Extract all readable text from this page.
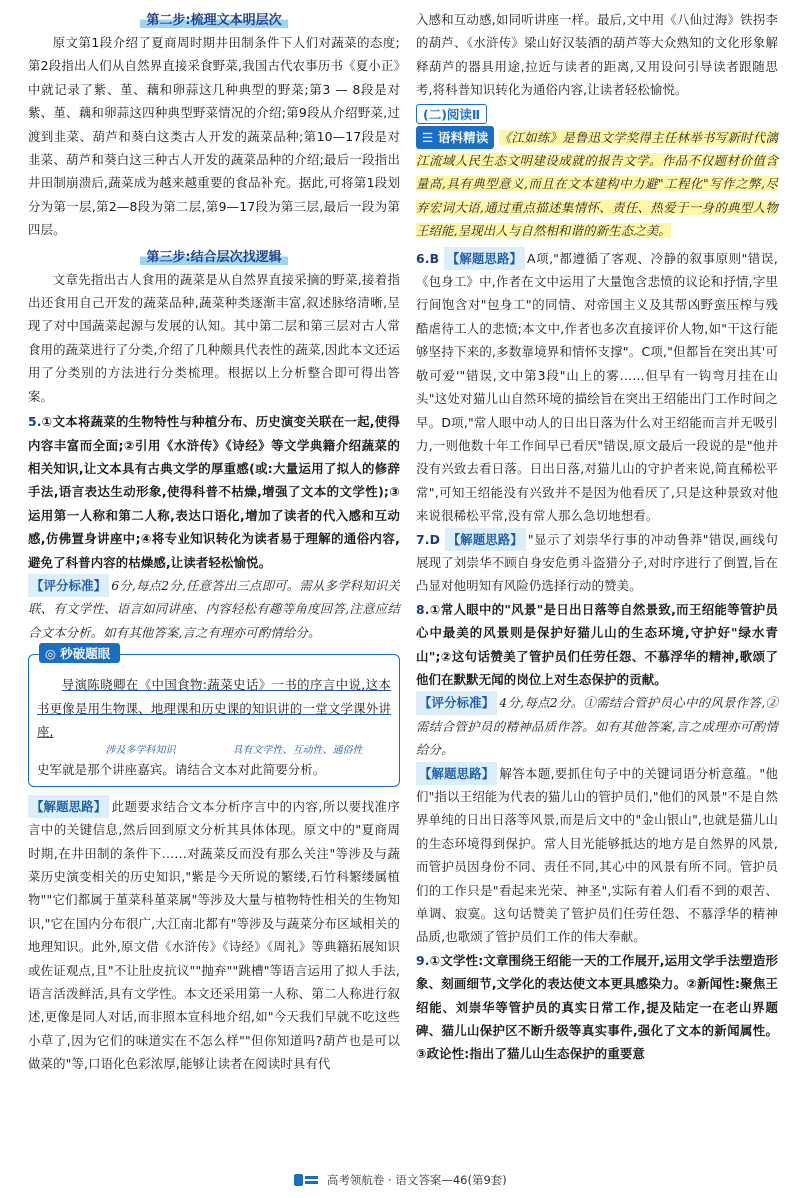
第二步:梳理文本明层次

原文第1段介绍了夏商周时期井田制条件下人们对蔬菜的态度;第2段指出人们从自然界直接采食野菜,我国古代农事历书《夏小正》中就记录了紫、堇、藕和卵蒜这几种典型的野菜;第3 — 8段是对紫、堇、藕和卵蒜这四种典型野菜情况的介绍;第9段从介绍野菜,过渡到韭菜、葫芦和葵白这类古人开发的蔬菜品种;第10—17段是对韭菜、葫芦和葵白这三种古人开发的蔬菜品种的介绍;最后一段指出井田制崩溃后,蔬菜成为越来越重要的食品补充。据此,可将第1段划分为第一层,第2—8段为第二层,第9—17段为第三层,最后一段为第四层。

第三步:结合层次找逻辑

文章先指出古人食用的蔬菜是从自然界直接采摘的野菜,接着指出还食用自己开发的蔬菜品种,蔬菜种类逐渐丰富,叙述脉络清晰,呈现了对中国蔬菜起源与发展的认知。其中第二层和第三层对古人常食用的蔬菜进行了分类,介绍了几种颇具代表性的蔬菜,因此本文还运用了分类别的方法进行分类梳理。根据以上分析整合即可得出答案。

5.①文本将蔬菜的生物特性与种植分布、历史演变关联在一起,使得内容丰富而全面;②引用《水浒传》《诗经》等文学典籍介绍蔬菜的相关知识,让文本具有古典文学的厚重感(或:大量运用了拟人的修辞手法,语言表达生动形象,使得科普不枯燥,增强了文本的文学性);③运用第一人称和第二人称,表达口语化,增加了读者的代入感和互动感,仿佛置身讲座中;④将专业知识转化为读者易于理解的通俗内容,避免了科普内容的枯燥感,让读者轻松愉悦。

【评分标准】 6分,每点2分,任意答出三点即可。需从多学科知识关联、有文学性、语言如同讲座、内容轻松有趣等角度回答,注意应结合文本分析。如有其他答案,言之有理亦可酌情给分。

◎ 秒破题眼

导演陈晓卿在《中国食物:蔬菜史话》一书的序言中说,这本书更像是用生物课、地理课和历史课的知识讲的一堂文学课外讲座,

涉及多学科知识	具有文学性、互动性、通俗性

史军就是那个讲座嘉宾。请结合文本对此简要分析。

【解题思路】 此题要求结合文本分析序言中的内容,所以要找准序言中的关键信息,然后回到原文分析其具体体现。原文中的"夏商周时期,在井田制的条件下……对蔬菜反而没有那么关注"等涉及与蔬菜历史演变相关的历史知识,"紫是今天所说的繁缕,石竹科繁缕属植物""它们都属于堇菜科堇菜属"等涉及大量与植物特性相关的生物知识,"它在国内分布很广,大江南北都有"等涉及与蔬菜分布区域相关的地理知识。此外,原文借《水浒传》《诗经》《周礼》等典籍拓展知识或佐证观点,且"不让肚皮抗议""抛弃""跳槽"等语言运用了拟人手法,语言活泼鲜活,具有文学性。本文还采用第一人称、第二人称进行叙述,更像是同人对话,而非照本宣科地介绍,如"今天我们早就不吃这些小草了,因为它们的味道实在不怎么样""但你知道吗?葫芦也是可以做菜的"等,口语化色彩浓厚,能够让读者在阅读时具有代

入感和互动感,如同听讲座一样。最后,文中用《八仙过海》铁拐李的葫芦、《水浒传》梁山好汉装酒的葫芦等大众熟知的文化形象解释葫芦的器具用途,拉近与读者的距离,又用设问引导读者跟随思考,将科普知识转化为通俗内容,让读者轻松愉悦。

(二)阅读Ⅱ

☰ 语料精读 《江如练》是鲁迅文学奖得主任林举书写新时代漓江流域人民生态文明建设成就的报告文学。作品不仅题材价值含量高,具有典型意义,而且在文本建构中力避"工程化"写作之弊,尽弃宏词大语,通过重点描述集情怀、责任、热爱于一身的典型人物王绍能,呈现出人与自然相和谐的新生态之美。

6.B 【解题思路】 A项,"都遵循了客观、冷静的叙事原则"错误,《包身工》中,作者在文中运用了大量饱含悲愤的议论和抒情,字里行间饱含对"包身工"的同情、对帝国主义及其帮凶野蛮压榨与残酷虐待工人的悲愤;本文中,作者也多次直接评价人物,如"干这行能够坚持下来的,多数靠境界和情怀支撑"。C项,"但都旨在突出其'可敬可爱'"错误,文中第3段"山上的雾……但早有一钩弯月挂在山头"这处对猫儿山自然环境的描绘旨在突出王绍能出门工作时间之早。D项,"常人眼中动人的日出日落为什么对王绍能而言并无吸引力,一则他数十年工作间早已看厌"错误,原文最后一段说的是"他并没有兴致去看日落。日出日落,对猫儿山的守护者来说,简直稀松平常",可知王绍能没有兴致并不是因为他看厌了,只是这种景致对他来说很稀松平常,没有常人那么急切地想看。

7.D 【解题思路】 "显示了刘崇华行事的冲动鲁莽"错误,画线句展现了刘崇华不顾自身安危勇斗盗猎分子,对时序进行了倒置,旨在凸显对他明知有风险仍选择行动的赞美。

8.①常人眼中的"风景"是日出日落等自然景致,而王绍能等管护员心中最美的风景则是保护好猫儿山的生态环境,守护好"绿水青山";②这句话赞美了管护员们任劳任怨、不慕浮华的精神,歌颂了他们在默默无闻的岗位上对生态保护的贡献。

【评分标准】 4分,每点2分。①需结合管护员心中的风景作答,②需结合管护员的精神品质作答。如有其他答案,言之成理亦可酌情给分。

【解题思路】 解答本题,要抓住句子中的关键词语分析意蕴。"他们"指以王绍能为代表的猫儿山的管护员们,"他们的风景"不是自然界单纯的日出日落等风景,而是后文中的"金山银山",也就是猫儿山的生态环境得到保护。常人目光能够抵达的地方是自然界的风景,而管护员因身份不同、责任不同,其心中的风景有所不同。管护员们的工作只是"看起来光荣、神圣",实际有着人们看不到的艰苦、单调、寂寞。这句话赞美了管护员们任劳任怨、不慕浮华的精神品质,也歌颂了管护员们工作的伟大奉献。

9.①文学性:文章围绕王绍能一天的工作展开,运用文学手法塑造形象、刻画细节,文学化的表达使文本更具感染力。②新闻性:聚焦王绍能、刘崇华等管护员的真实日常工作,提及陆定一在老山界题碑、猫儿山保护区不断升级等真实事件,强化了文本的新闻属性。③政论性:指出了猫儿山生态保护的重要意

高考领航卷 · 语文答案—46(第9套)
